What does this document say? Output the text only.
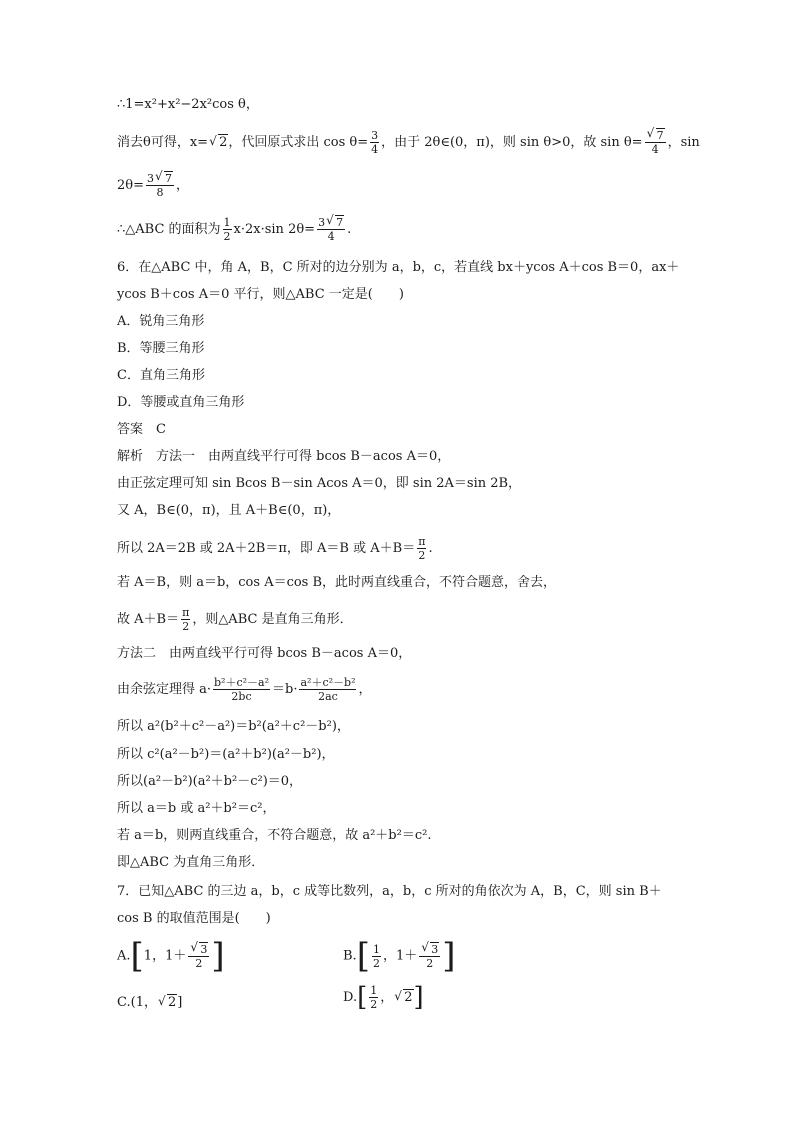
∴1=x²+x²−2x²cos θ，
消去θ可得，x= √ 2，代回原式求出 $\cos \theta= \frac{3}{4}$ ，由于 2θ∈(0，π)，则 sin θ>0，故 sin θ= √ $\frac{7}{4}$ ，sin
$2\theta= \frac{3 √ 7}{8}$ ，
∴△ABC 的面积为 $\frac{1}{2} x\cdot 2x\cdot\sin$ $2\theta= \frac{3 √ 7}{4}$ .
6．在△ABC 中，角 A，B，C 所对的边分别为 a，b，c，若直线 bx＋ycos A＋cos B＝0，ax＋
ycos B＋cos A＝0 平行，则△ABC 一定是(　　)
A．锐角三角形
B．等腰三角形
C．直角三角形
D．等腰或直角三角形
答案　C
解析　方法一　由两直线平行可得 bcos B－acos A＝0，
由正弦定理可知 sin Bcos B－sin Acos A＝0，即 sin 2A＝sin 2B，
又 A，B∈(0，π)，且 A＋B∈(0，π)，
所以 2A＝2B 或 2A＋2B＝π，即 A＝B 或 $A+B= \frac{\pi}{2}$ .
若 A＝B，则 a＝b，cos A＝cos B，此时两直线重合，不符合题意，舍去，
故 $A+B= \frac{\pi}{2}$ ，则△ABC 是直角三角形．
方法二　由两直线平行可得 bcos B－acos A＝0，
由余弦定理得 $a\cdot \frac{\text{b²＋c²－a²}}{2bc} =b\cdot \frac{\text{a²＋c²－b²}}{2ac}$ ，
所以 a²(b²＋c²－a²)＝b²(a²＋c²－b²)，
所以 c²(a²－b²)＝(a²＋b²)(a²－b²)，
所以(a²－b²)(a²＋b²－c²)＝0，
所以 a＝b 或 a²＋b²＝c²，
若 a＝b，则两直线重合，不符合题意，故 a²＋b²＝c².
即△ABC 为直角三角形．
7．已知△ABC 的三边 a，b，c 成等比数列，a，b，c 所对的角依次为 A，B，C，则 sin B＋
cos B 的取值范围是(　　)
A.[1，1＋ √ $\frac{3}{2}$ ]	$B.[ \frac{1}{2}$ ，1＋ √ $\frac{3}{2}$ ]
C.(1， √ 2]	$D.[ \frac{1}{2}$ ， √ 2]
